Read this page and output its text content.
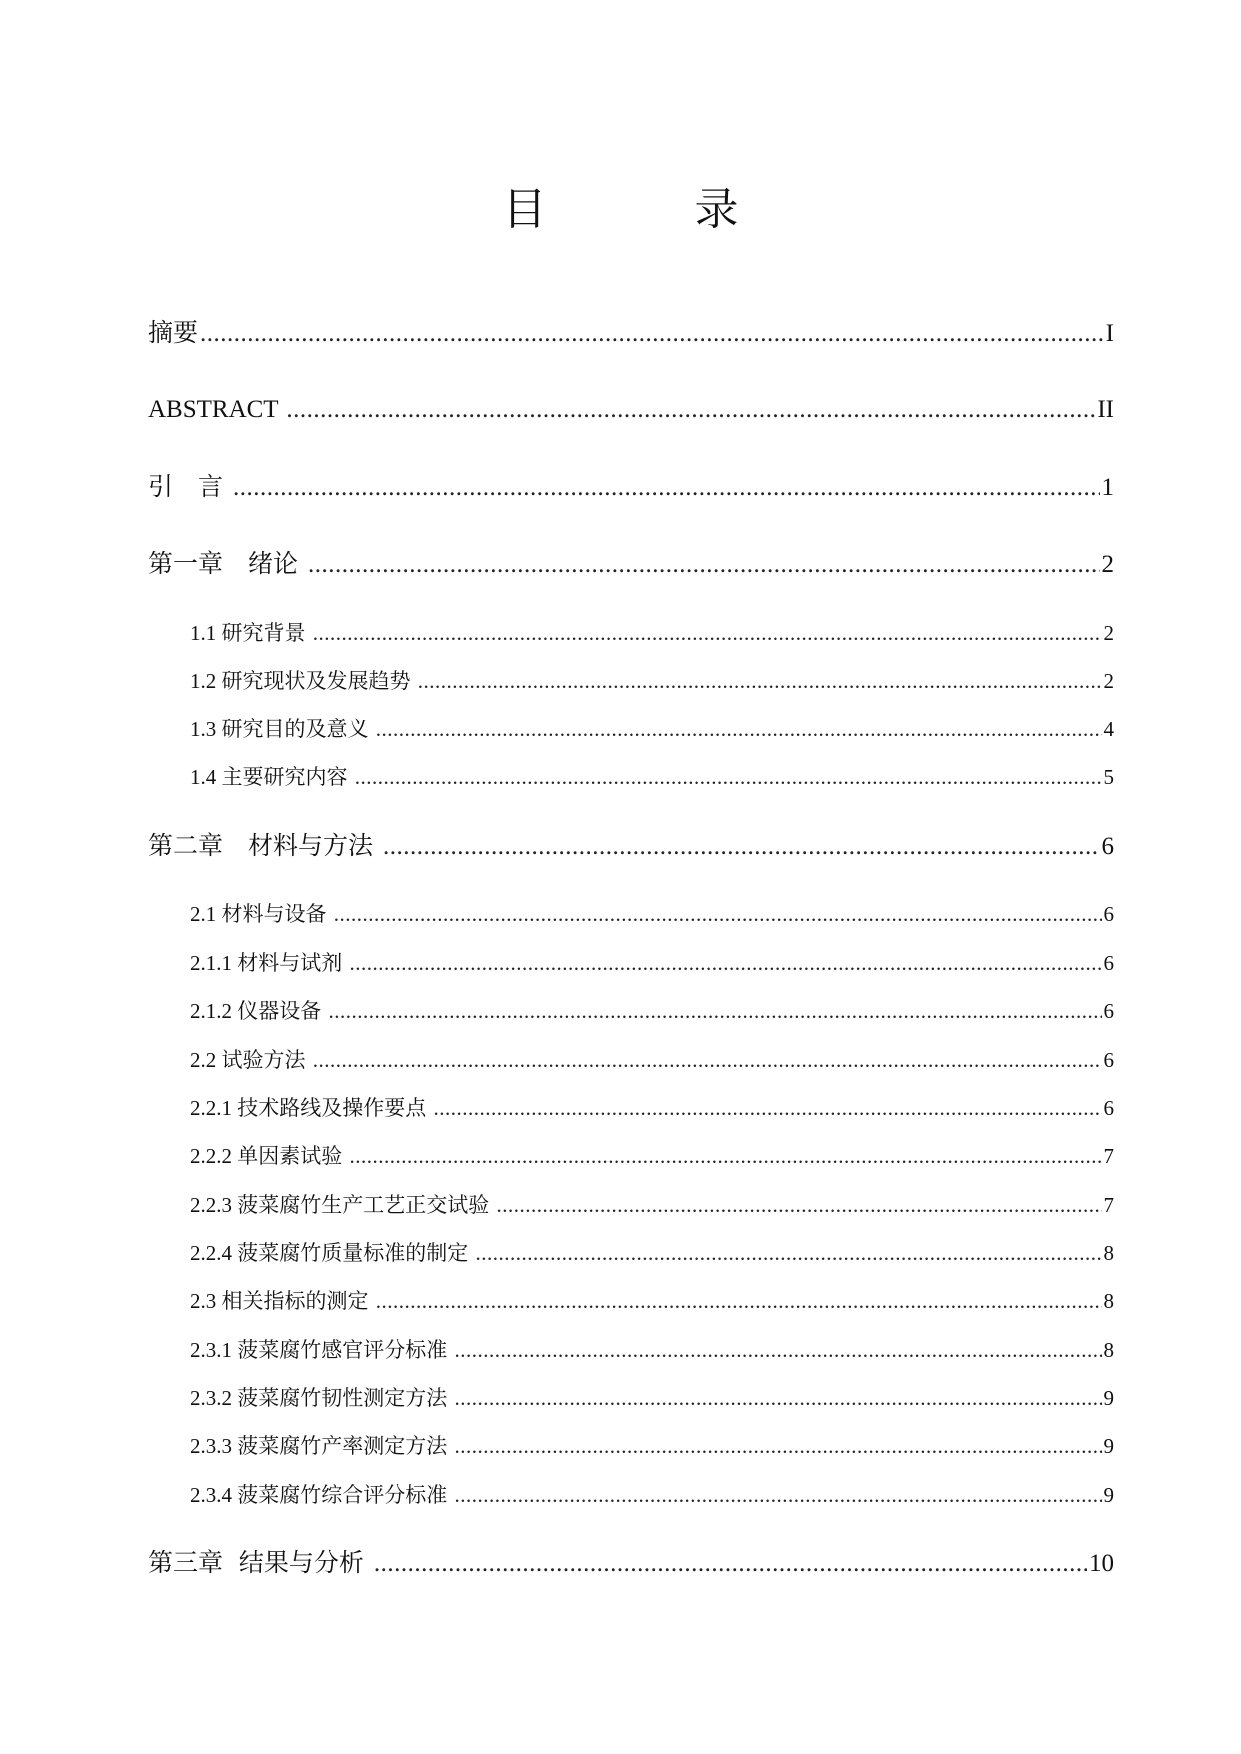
目　录
摘要 .....	I
ABSTRACT .....	II
引　言 .....	1
第一章　绪论 .....	2
1.1 研究背景 .....	2
1.2 研究现状及发展趋势 .....	2
1.3 研究目的及意义 .....	4
1.4 主要研究内容 .....	5
第二章　材料与方法 .....	6
2.1 材料与设备 .....	6
2.1.1 材料与试剂 .....	6
2.1.2 仪器设备 .....	6
2.2 试验方法 .....	6
2.2.1 技术路线及操作要点 .....	6
2.2.2 单因素试验 .....	7
2.2.3 菠菜腐竹生产工艺正交试验 .....	7
2.2.4 菠菜腐竹质量标准的制定 .....	8
2.3 相关指标的测定 .....	8
2.3.1 菠菜腐竹感官评分标准 .....	8
2.3.2 菠菜腐竹韧性测定方法 .....	9
2.3.3 菠菜腐竹产率测定方法 .....	9
2.3.4 菠菜腐竹综合评分标准 .....	9
第三章  结果与分析 .....	10
